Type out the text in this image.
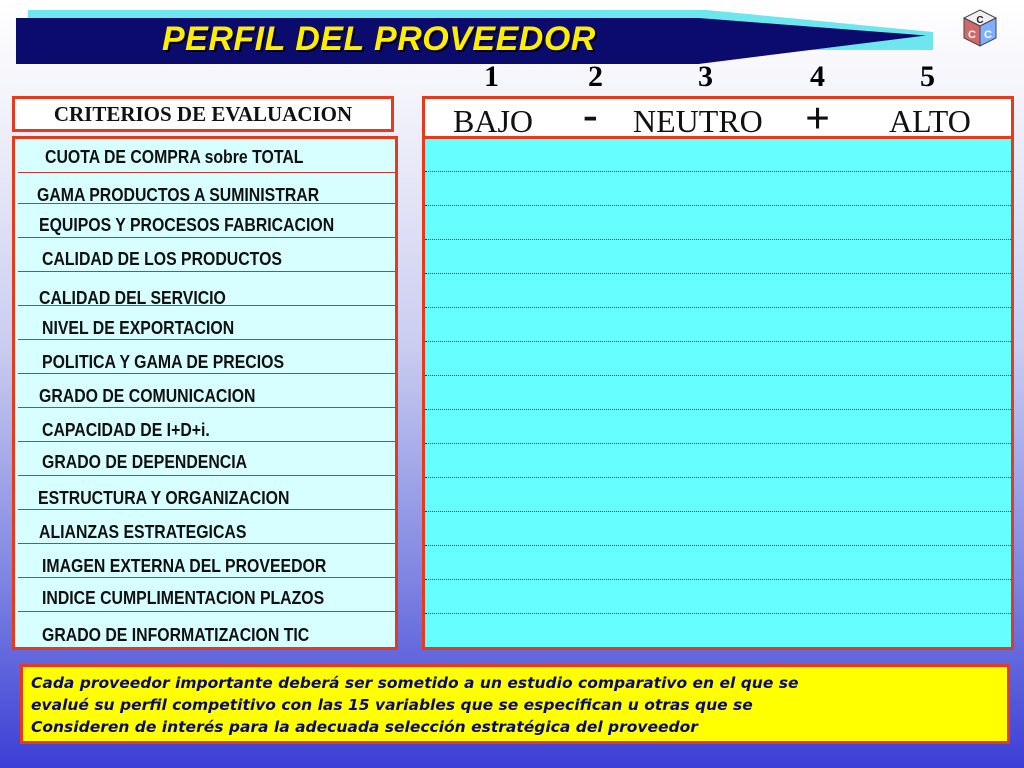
PERFIL DEL PROVEEDOR	C
C C
1	2	3	4	5
CRITERIOS DE EVALUACION
CUOTA DE COMPRA sobre TOTAL
GAMA PRODUCTOS A SUMINISTRAR
EQUIPOS Y PROCESOS FABRICACION
CALIDAD DE LOS PRODUCTOS
CALIDAD DEL SERVICIO
NIVEL DE EXPORTACION
POLITICA Y GAMA DE PRECIOS
GRADO DE COMUNICACION
CAPACIDAD DE I+D+i.
GRADO DE DEPENDENCIA
ESTRUCTURA Y ORGANIZACION
ALIANZAS ESTRATEGICAS
IMAGEN EXTERNA DEL PROVEEDOR
INDICE CUMPLIMENTACION PLAZOS
GRADO DE INFORMATIZACION TIC
BAJO - NEUTRO + ALTO
Cada proveedor importante deberá ser sometido a un estudio comparativo en el que se
evalué su perfil competitivo con las 15 variables que se especifican u otras que se
Consideren de interés para la adecuada selección estratégica del proveedor
